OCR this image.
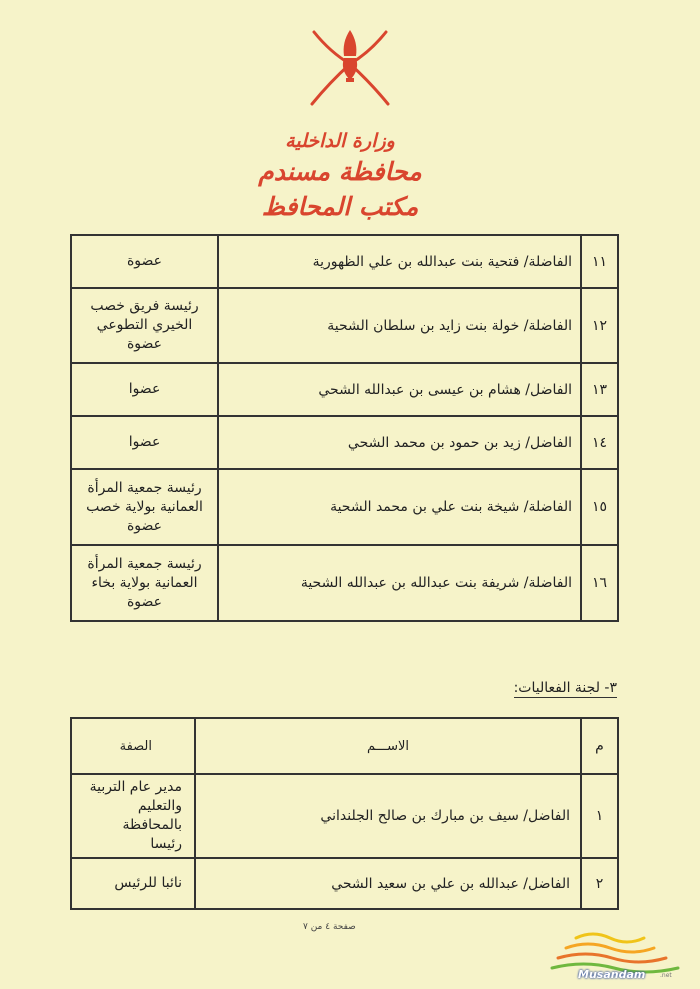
وزارة الداخلية
محافظة مسندم
مكتب المحافظ
١١	الفاضلة/ فتحية بنت عبدالله بن علي الظهورية	عضوة

١٢	الفاضلة/ خولة بنت زايد بن سلطان الشحية	رئيسة فريق خصب
الخيري التطوعي
عضوة

١٣	الفاضل/ هشام بن عيسى بن عبدالله الشحي	عضوا

١٤	الفاضل/ زيد بن حمود بن محمد الشحي	عضوا

١٥	الفاضلة/ شيخة بنت علي بن محمد الشحية	رئيسة جمعية المرأة
العمانية بولاية خصب
عضوة

١٦	الفاضلة/ شريفة بنت عبدالله بن عبدالله الشحية	رئيسة جمعية المرأة
العمانية بولاية بخاء
عضوة
٣- لجنة الفعاليات:
م	الاســـم	الصفة
١	الفاضل/ سيف بن مبارك بن صالح الجلنداني	مدير عام التربية
والتعليم بالمحافظة
رئيسا

٢	الفاضل/ عبدالله بن علي بن سعيد الشحي	نائبا للرئيس
صفحة ٤ من ٧
Musandam .net
